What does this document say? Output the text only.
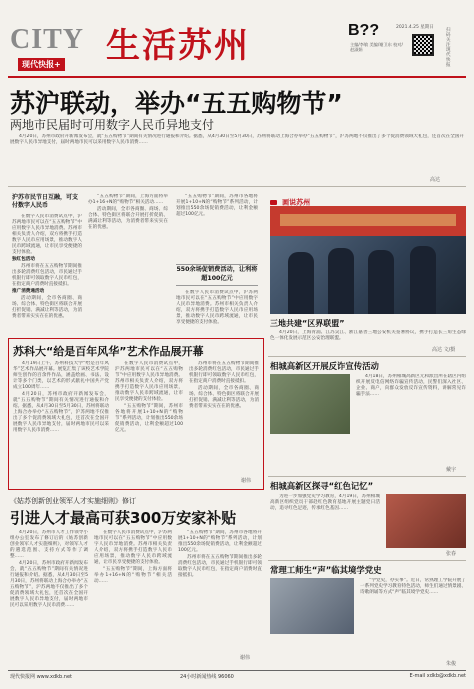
CITY
现代快报+ 生活苏州	B??	2021.4.25 星期日
主编/李敏 美编/谢卫东 校对/赵淑娟
扫码关注现代快报
苏沪联动，举办“五五购物节”
两地市民届时可用数字人民币异地支付

4月20日，苏州市政府开新闻发布会，就“五五购物节”期间有关情况进行通报和介绍。据悉，从4月30日至5月30日，苏州将联动上海合办举办“五五购物节”，沪苏两地不仅推出了多个促消费领域大礼包，还首次在全国开展数字人民币异地支付，届时两地市民可以采用数字人民币消费……

高达
沪苏市民节日互融，可支付数字人民币

在数字人民币消费试点中，沪苏两地市民可以在“五五购物节”中应用数字人民币异地消费。苏州市相关负责人介绍，双方将携手打造数字人民币应用场景，推动数字人民币跨域流通，让市民享受便捷的支付体验。

独红包活动

苏州市将在五五购物节期间推出多轮消费红包活动，市民通过手机银行即可领取数字人民币红包，在指定商户消费时直接抵扣。

推广消费通活动

活动期间，全市各商圈、商场、综合体、特色街区将联合开展打折促销、满减让利等活动，为消费者带来实实在在的优惠。

“五五购物节”期间，上海方面将举办1+16+N的“购物节”相关活动……

活动期间，全市各商圈、商场、综合体、特色街区将联合开展打折促销、满减让利等活动，为消费者带来实实在在的优惠。

550余场促销费活动，让利将超100亿元

“五五购物节”期间，苏州市各地将开展1+10+N的“购物节”系列活动，计划推出550余场促销费活动，让利金额超过100亿元。

在数字人民币消费试点中，沪苏两地市民可以在“五五购物节”中应用数字人民币异地消费。苏州市相关负责人介绍，双方将携手打造数字人民币应用场景，推动数字人民币跨域流通，让市民享受便捷的支付体验。

画说苏州
三地共建“区界联盟”

4月20日，上海青浦、江苏吴江、浙江嘉善三地公安机关签署协议，携手打造长三角生态绿色一体化发展示范区公安治理联盟。

高达 文/摄
苏科大“给是百年风华”艺术作品展开幕

4月19日上午，苏州科技大学“给是百年风华”艺术作品展开幕。展览汇集了该校艺术学院师生创作的百余件作品，涵盖绘画、书法、设计等多个门类，以艺术的形式献礼中国共产党成立100周年……

4月20日，苏州市政府开新闻发布会，就“五五购物节”期间有关情况进行通报和介绍。据悉，从4月30日至5月30日，苏州将联动上海合办举办“五五购物节”，沪苏两地不仅推出了多个促消费领域大礼包，还首次在全国开展数字人民币异地支付，届时两地市民可以采用数字人民币消费……

在数字人民币消费试点中，沪苏两地市民可以在“五五购物节”中应用数字人民币异地消费。苏州市相关负责人介绍，双方将携手打造数字人民币应用场景，推动数字人民币跨域流通，让市民享受便捷的支付体验。

“五五购物节”期间，苏州市各地将开展1+10+N的“购物节”系列活动，计划推出550余场促销费活动，让利金额超过100亿元。

苏州市将在五五购物节期间推出多轮消费红包活动，市民通过手机银行即可领取数字人民币红包，在指定商户消费时直接抵扣。

活动期间，全市各商圈、商场、综合体、特色街区将联合开展打折促销、满减让利等活动，为消费者带来实实在在的优惠。

谢伟
《姑苏创新创业领军人才实施细则》修订
引进人才最高可获300万安家补贴

4月20日，苏州市人才工作领导小组办公室发布了修订后的《姑苏创新创业领军人才实施细则》，对领军人才的遴选范围、支持方式等作了调整……

4月20日，苏州市政府开新闻发布会，就“五五购物节”期间有关情况进行通报和介绍。据悉，从4月30日至5月30日，苏州将联动上海合办举办“五五购物节”，沪苏两地不仅推出了多个促消费领域大礼包，还首次在全国开展数字人民币异地支付，届时两地市民可以采用数字人民币消费……

在数字人民币消费试点中，沪苏两地市民可以在“五五购物节”中应用数字人民币异地消费。苏州市相关负责人介绍，双方将携手打造数字人民币应用场景，推动数字人民币跨域流通，让市民享受便捷的支付体验。

“五五购物节”期间，上海方面将举办1+16+N的“购物节”相关活动……

“五五购物节”期间，苏州市各地将开展1+10+N的“购物节”系列活动，计划推出550余场促销费活动，让利金额超过100亿元。

苏州市将在五五购物节期间推出多轮消费红包活动，市民通过手机银行即可领取数字人民币红包，在指定商户消费时直接抵扣。

谢伟
相城高新区开展反诈宣传活动

4月18日，苏州相城高新区元和派出所在辖区内组织开展反电信网络诈骗宣传活动，民警们深入社区、企业、商户，向群众发放反诈宣传资料，讲解常见诈骗手法……

戴宇
相城高新区探寻“红色记忆”

为进一步加强党史学习教育，4月19日，苏州相城高新区组织党员干部赴红色教育基地开展主题党日活动，追寻红色足迹，传承红色基因……

张春
常理工师生“声”临其境学党史

“学党史，办实事”。近日，常熟理工学院开展了一系列党史学习教育特色活动，师生们通过情景剧、诗歌朗诵等方式“声”临其境学党史……

朱俊
现代快报网 www.xdkb.net	24小时新闻热线 96060	E-mail xdkb@xdkb.net
